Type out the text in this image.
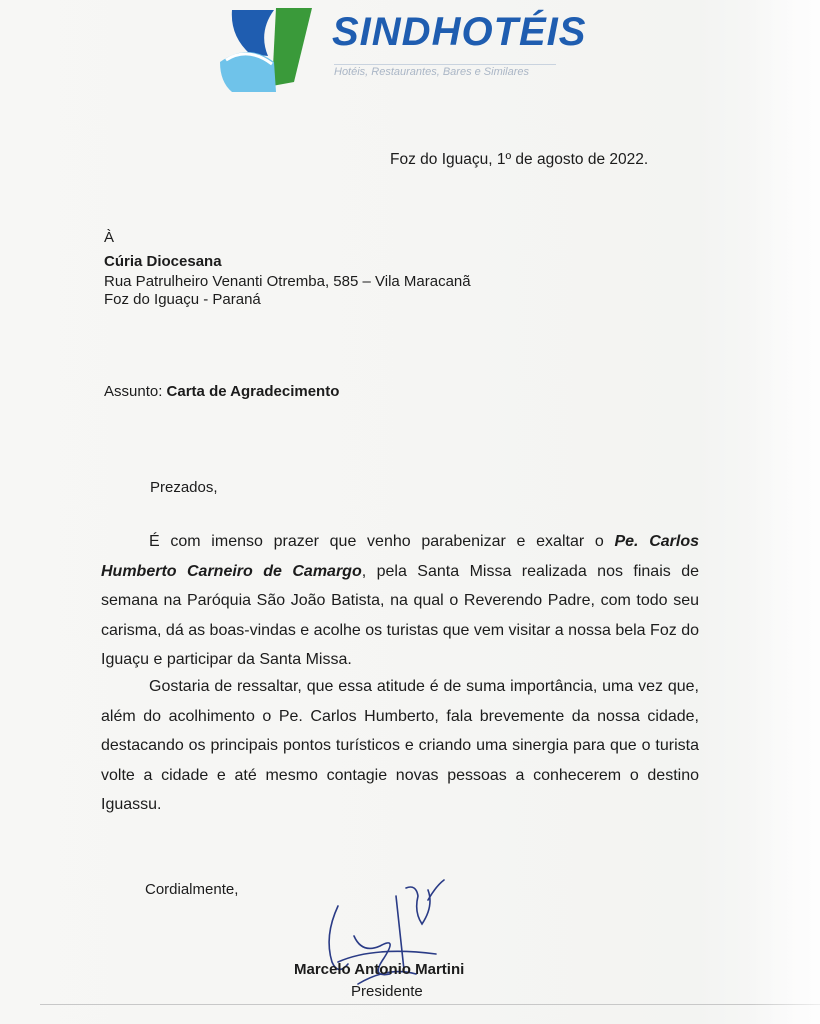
SINDHOTÉIS
Hotéis, Restaurantes, Bares e Similares
Foz do Iguaçu, 1º de agosto de 2022.
À
Cúria Diocesana
Rua Patrulheiro Venanti Otremba, 585 – Vila Maracanã
Foz do Iguaçu - Paraná
Assunto: Carta de Agradecimento
Prezados,
É com imenso prazer que venho parabenizar e exaltar o Pe. Carlos Humberto Carneiro de Camargo, pela Santa Missa realizada nos finais de semana na Paróquia São João Batista, na qual o Reverendo Padre, com todo seu carisma, dá as boas-vindas e acolhe os turistas que vem visitar a nossa bela Foz do Iguaçu e participar da Santa Missa.
Gostaria de ressaltar, que essa atitude é de suma importância, uma vez que, além do acolhimento o Pe. Carlos Humberto, fala brevemente da nossa cidade, destacando os principais pontos turísticos e criando uma sinergia para que o turista volte a cidade e até mesmo contagie novas pessoas a conhecerem o destino Iguassu.
Cordialmente,
Marcelo Antonio Martini
Presidente
